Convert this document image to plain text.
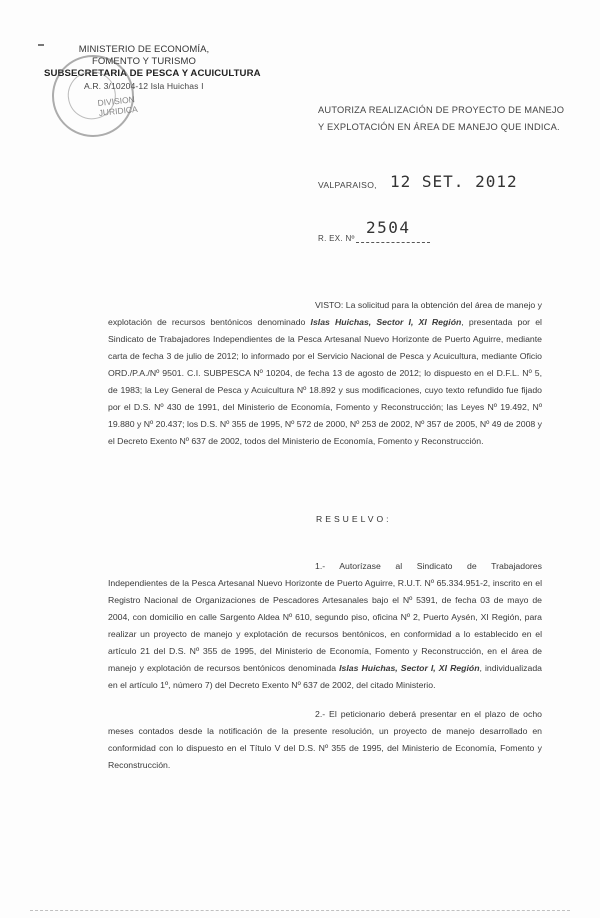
MINISTERIO DE ECONOMÍA,
FOMENTO Y TURISMO
SUBSECRETARIA DE PESCA Y ACUICULTURA
A.R. 3/10204-12 Isla Huichas I
DIVISION
JURIDICA	AUTORIZA REALIZACIÓN DE PROYECTO DE MANEJO
Y EXPLOTACIÓN EN ÁREA DE MANEJO QUE INDICA.
VALPARAISO, 12 SET. 2012
R. EX. Nº
2504
VISTO: La solicitud para la obtención del área de manejo y explotación de recursos bentónicos denominado Islas Huichas, Sector I, XI Región, presentada por el Sindicato de Trabajadores Independientes de la Pesca Artesanal Nuevo Horizonte de Puerto Aguirre, mediante carta de fecha 3 de julio de 2012; lo informado por el Servicio Nacional de Pesca y Acuicultura, mediante Oficio ORD./P.A./Nº 9501. C.I. SUBPESCA Nº 10204, de fecha 13 de agosto de 2012; lo dispuesto en el D.F.L. Nº 5, de 1983; la Ley General de Pesca y Acuicultura Nº 18.892 y sus modificaciones, cuyo texto refundido fue fijado por el D.S. Nº 430 de 1991, del Ministerio de Economía, Fomento y Reconstrucción; las Leyes Nº 19.492, Nº 19.880 y Nº 20.437; los D.S. Nº 355 de 1995, Nº 572 de 2000, Nº 253 de 2002, Nº 357 de 2005, Nº 49 de 2008 y el Decreto Exento Nº 637 de 2002, todos del Ministerio de Economía, Fomento y Reconstrucción.
RESUELVO:
1.- Autorízase al Sindicato de Trabajadores Independientes de la Pesca Artesanal Nuevo Horizonte de Puerto Aguirre, R.U.T. Nº 65.334.951-2, inscrito en el Registro Nacional de Organizaciones de Pescadores Artesanales bajo el Nº 5391, de fecha 03 de mayo de 2004, con domicilio en calle Sargento Aldea Nº 610, segundo piso, oficina Nº 2, Puerto Aysén, XI Región, para realizar un proyecto de manejo y explotación de recursos bentónicos, en conformidad a lo establecido en el artículo 21 del D.S. Nº 355 de 1995, del Ministerio de Economía, Fomento y Reconstrucción, en el área de manejo y explotación de recursos bentónicos denominada Islas Huichas, Sector I, XI Región, individualizada en el artículo 1º, número 7) del Decreto Exento Nº 637 de 2002, del citado Ministerio.
2.- El peticionario deberá presentar en el plazo de ocho meses contados desde la notificación de la presente resolución, un proyecto de manejo desarrollado en conformidad con lo dispuesto en el Título V del D.S. Nº 355 de 1995, del Ministerio de Economía, Fomento y Reconstrucción.
